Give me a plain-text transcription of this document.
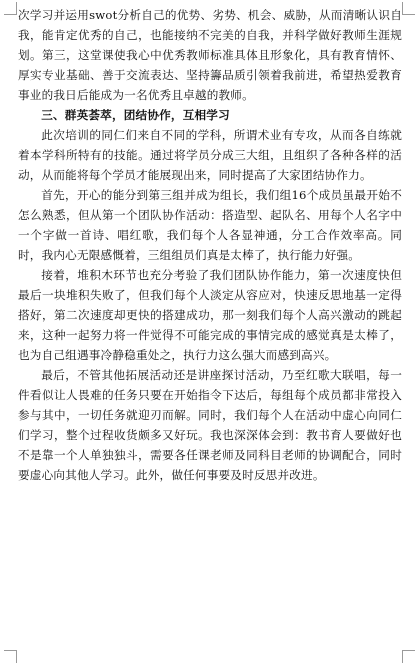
次学习并运用swot分析自己的优势、劣势、机会、威胁，从而清晰认识自我，能肯定优秀的自己，也能接纳不完美的自我，并科学做好教师生涯规划。第三，这堂课使我心中优秀教师标准具体且形象化，具有教育情怀、厚实专业基础、善于交流表达、坚持籌品质引领着我前进，希望热爱教育事业的我日后能成为一名优秀且卓越的教师。

三、群英荟萃，团结协作，互相学习

此次培训的同仁们来自不同的学科，所谓术业有专攻，从而各自练就着本学科所特有的技能。通过将学员分成三大组，且组织了各种各样的活动，从而能将每个学员才能展现出来，同时提高了大家团结协作力。

首先，开心的能分到第三组并成为组长，我们组16个成员虽最开始不怎么熟悉，但从第一个团队协作活动：搭造型、起队名、用每个人名字中一个字做一首诗、唱红歌，我们每个人各显神通，分工合作效率高。同时，我内心无限感慨着，三组组员们真是太棒了，执行能力好强。

接着，堆积木环节也充分考验了我们团队协作能力，第一次速度快但最后一块堆积失败了，但我们每个人淡定从容应对，快速反思地基一定得搭好，第二次速度却更快的搭建成功，那一刻我们每个人高兴激动的跳起来，这种一起努力将一件觉得不可能完成的事情完成的感觉真是太棒了，也为自己组遇事冷静稳重处之，执行力这么强大而感到高兴。

最后，不管其他拓展活动还是讲座探讨活动，乃至红歌大联唱，每一件看似让人畏难的任务只要在开始指令下达后，每组每个成员都非常投入参与其中，一切任务就迎刃而解。同时，我们每个人在活动中虚心向同仁们学习，整个过程收货颇多又好玩。我也深深体会到：教书育人要做好也不是靠一个人单独独斗，需要各任课老师及同科目老师的协调配合，同时要虚心向其他人学习。此外，做任何事要及时反思并改进。
